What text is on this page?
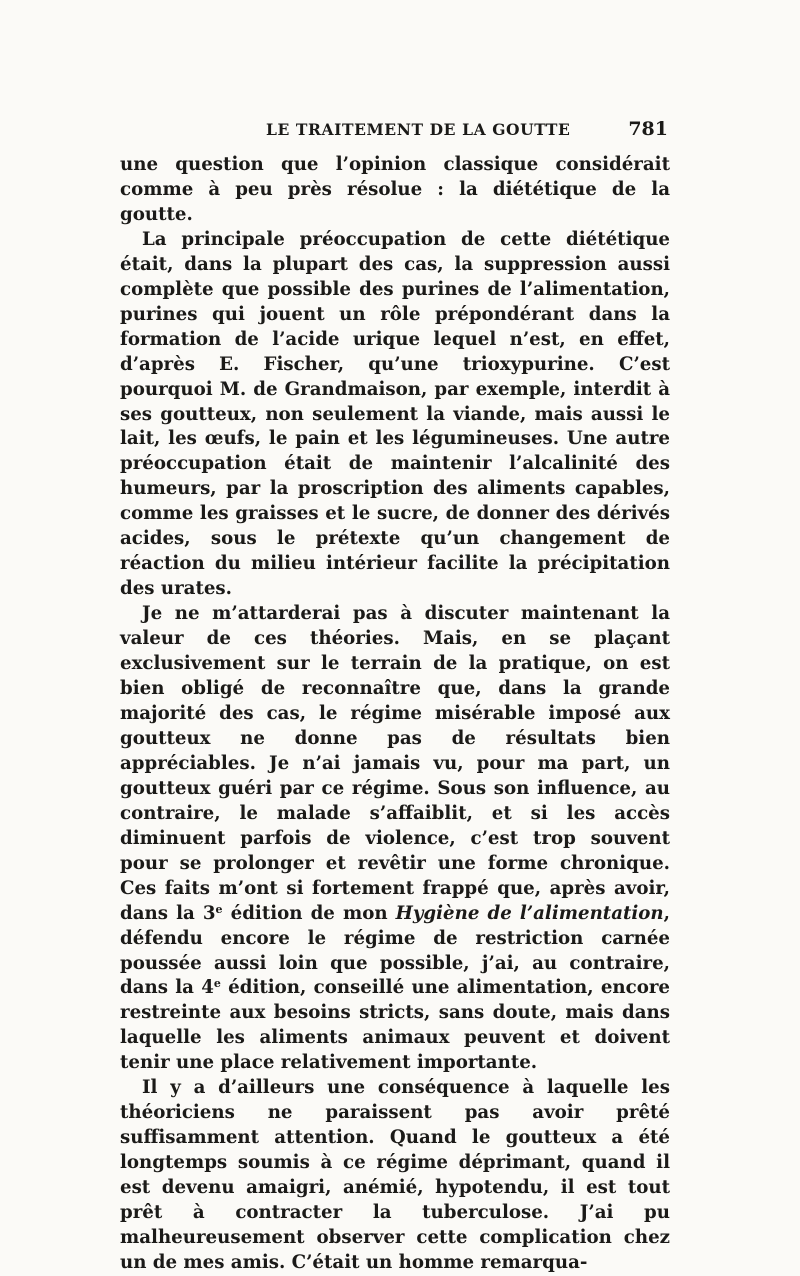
LE TRAITEMENT DE LA GOUTTE	781

une question que l’opinion classique considérait comme à peu près résolue : la diététique de la goutte.

La principale préoccupation de cette diététique était, dans la plupart des cas, la suppression aussi complète que possible des purines de l’alimentation, purines qui jouent un rôle prépondérant dans la formation de l’acide urique lequel n’est, en effet, d’après E. Fischer, qu’une trioxypurine. C’est pourquoi M. de Grandmaison, par exemple, interdit à ses goutteux, non seulement la viande, mais aussi le lait, les œufs, le pain et les légumineuses. Une autre préoccupation était de maintenir l’alcalinité des humeurs, par la proscription des aliments capables, comme les graisses et le sucre, de donner des dérivés acides, sous le prétexte qu’un changement de réaction du milieu intérieur facilite la précipitation des urates.

Je ne m’attarderai pas à discuter maintenant la valeur de ces théories. Mais, en se plaçant exclusivement sur le terrain de la pratique, on est bien obligé de reconnaître que, dans la grande majorité des cas, le régime misérable imposé aux goutteux ne donne pas de résultats bien appréciables. Je n’ai jamais vu, pour ma part, un goutteux guéri par ce régime. Sous son influence, au contraire, le malade s’affaiblit, et si les accès diminuent parfois de violence, c’est trop souvent pour se prolonger et revêtir une forme chronique. Ces faits m’ont si fortement frappé que, après avoir, dans la 3e édition de mon Hygiène de l’alimentation, défendu encore le régime de restriction carnée poussée aussi loin que possible, j’ai, au contraire, dans la 4e édition, conseillé une alimentation, encore restreinte aux besoins stricts, sans doute, mais dans laquelle les aliments animaux peuvent et doivent tenir une place relativement importante.

Il y a d’ailleurs une conséquence à laquelle les théoriciens ne paraissent pas avoir prêté suffisamment attention. Quand le goutteux a été longtemps soumis à ce régime déprimant, quand il est devenu amaigri, anémié, hypotendu, il est tout prêt à contracter la tuberculose. J’ai pu malheureusement observer cette complication chez un de mes amis. C’était un homme remarqua-
